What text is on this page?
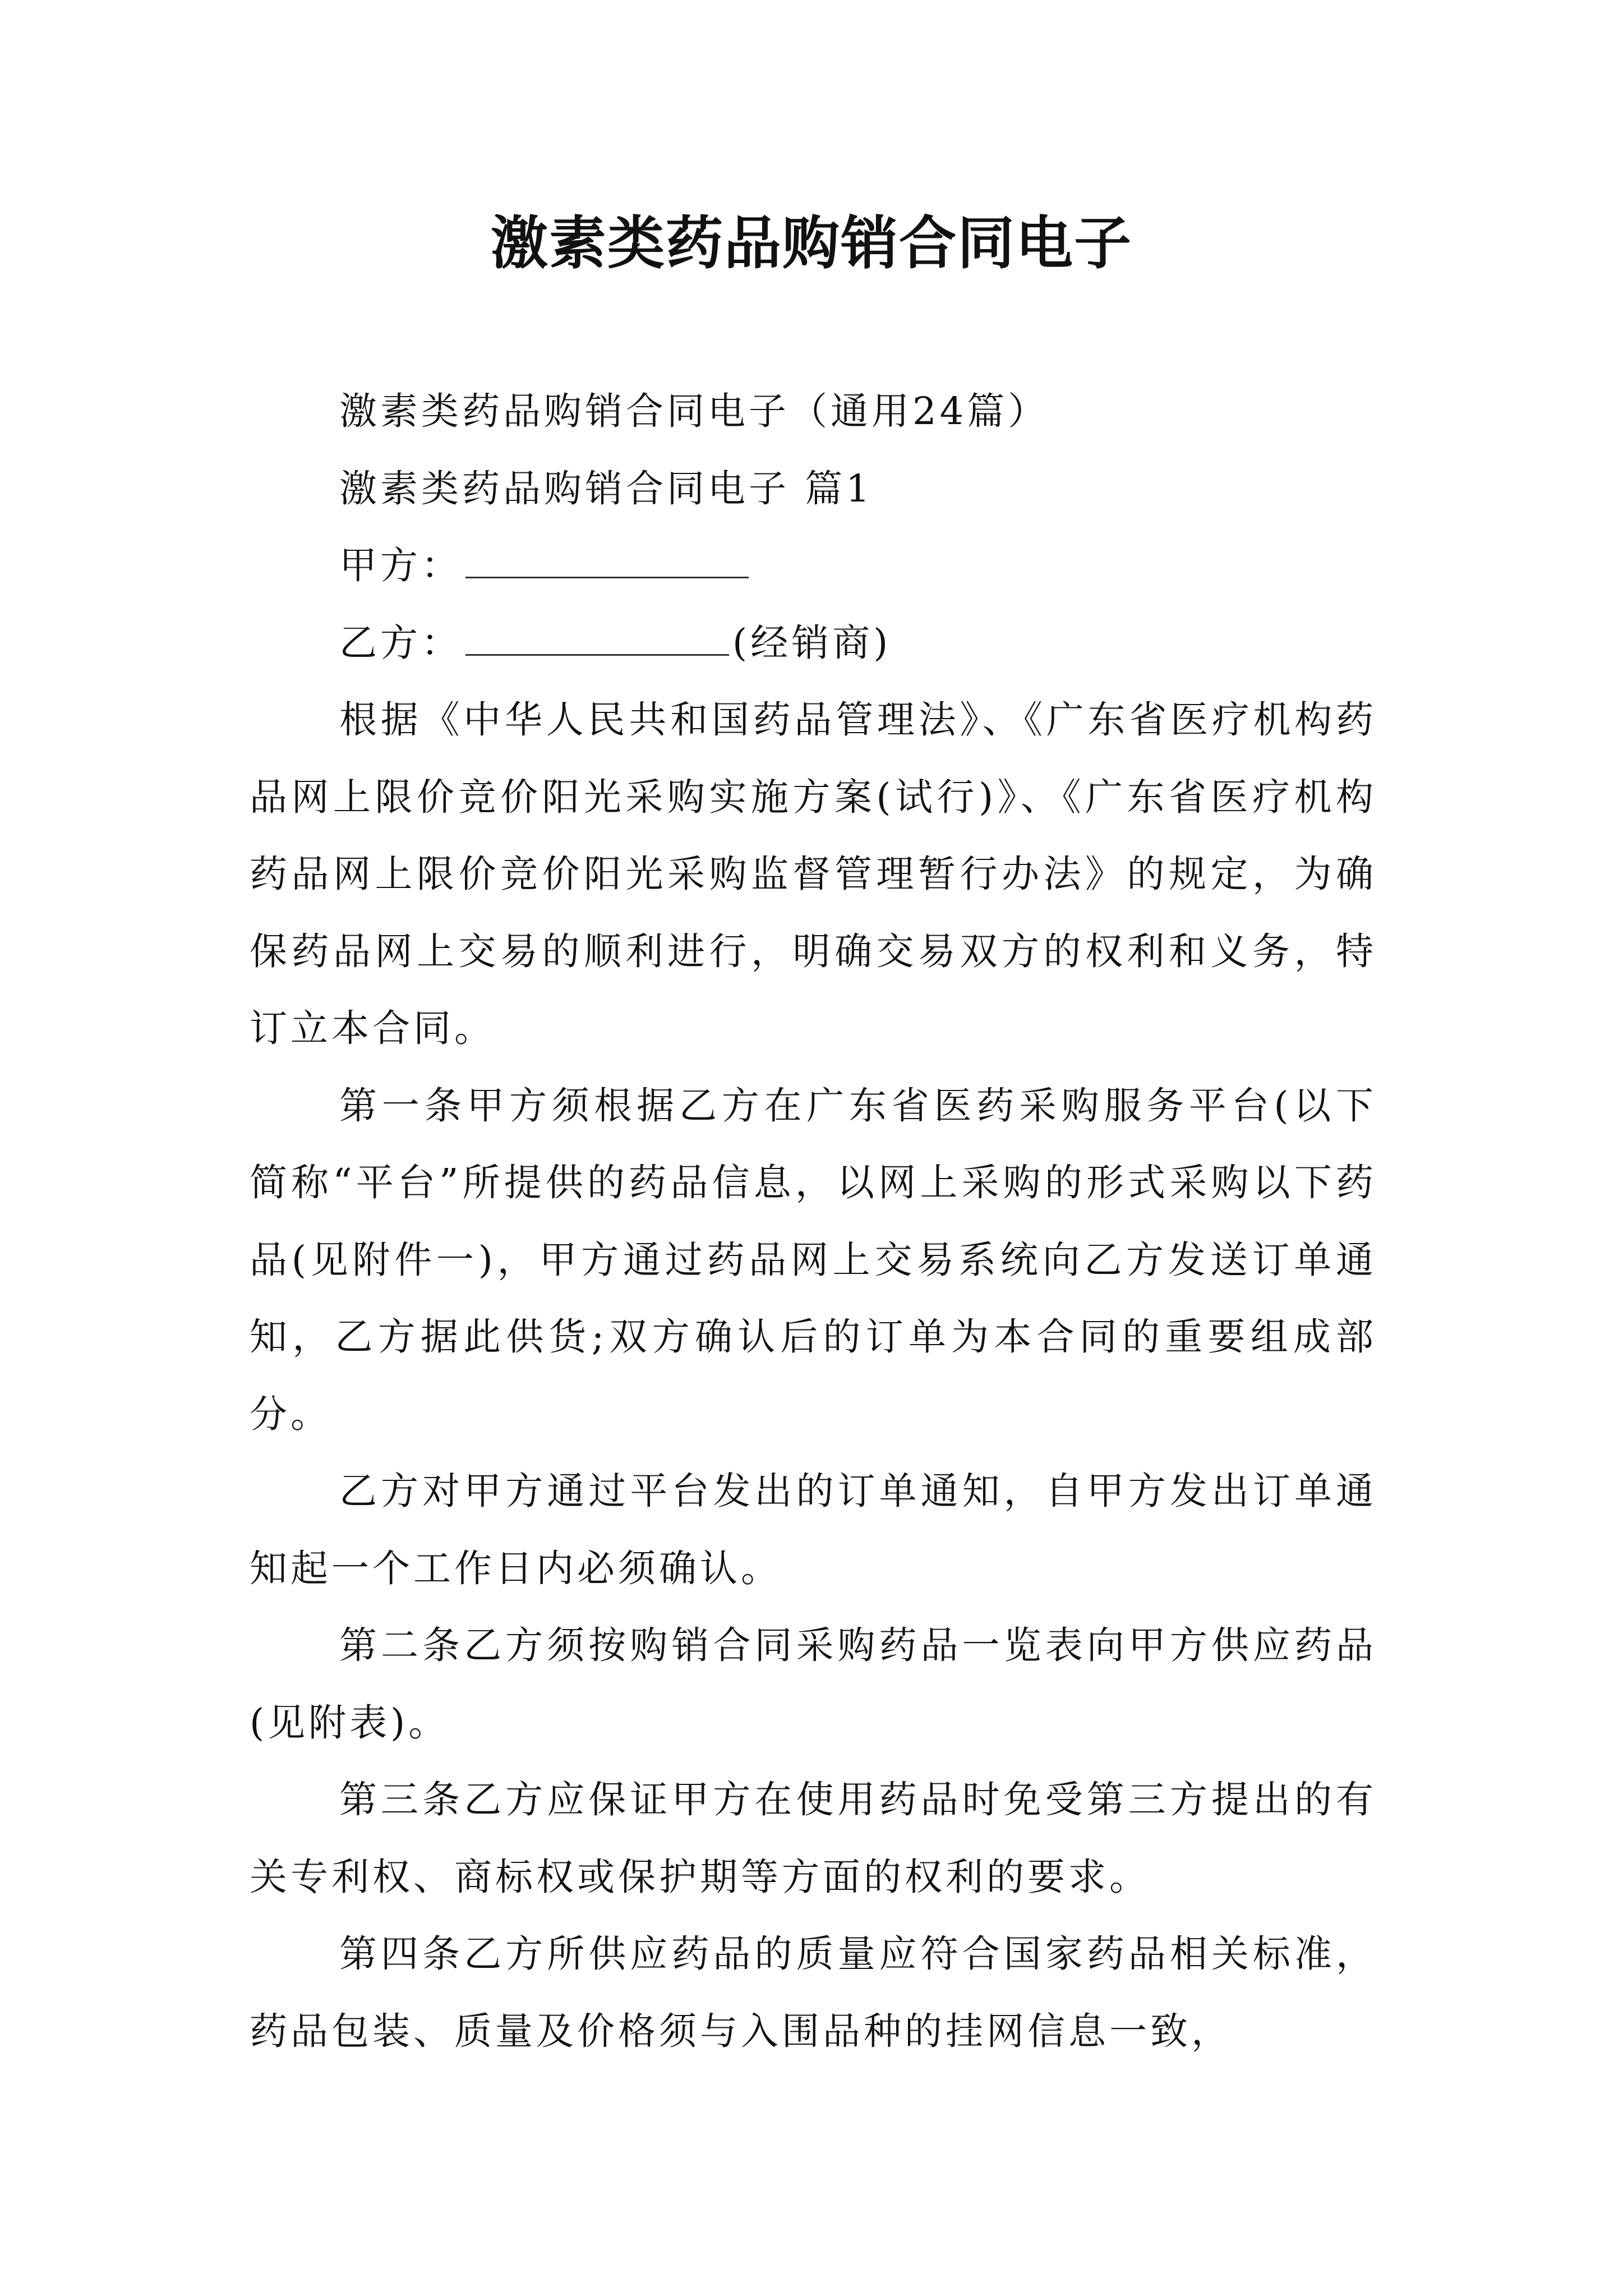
激素类药品购销合同电子

激素类药品购销合同电子（通用24篇）

激素类药品购销合同电子 篇1

甲方：

乙方：	(经销商)

根据《中华人民共和国药品管理法》、《广东省医疗机构药品网上限价竞价阳光采购实施方案(试行)》、《广东省医疗机构药品网上限价竞价阳光采购监督管理暂行办法》的规定，为确保药品网上交易的顺利进行，明确交易双方的权利和义务，特订立本合同。

第一条甲方须根据乙方在广东省医药采购服务平台(以下简称“平台”所提供的药品信息，以网上采购的形式采购以下药品(见附件一)，甲方通过药品网上交易系统向乙方发送订单通知，乙方据此供货;双方确认后的订单为本合同的重要组成部分。

乙方对甲方通过平台发出的订单通知，自甲方发出订单通知起一个工作日内必须确认。

第二条乙方须按购销合同采购药品一览表向甲方供应药品(见附表)。

第三条乙方应保证甲方在使用药品时免受第三方提出的有关专利权、商标权或保护期等方面的权利的要求。

第四条乙方所供应药品的质量应符合国家药品相关标准，药品包装、质量及价格须与入围品种的挂网信息一致，
